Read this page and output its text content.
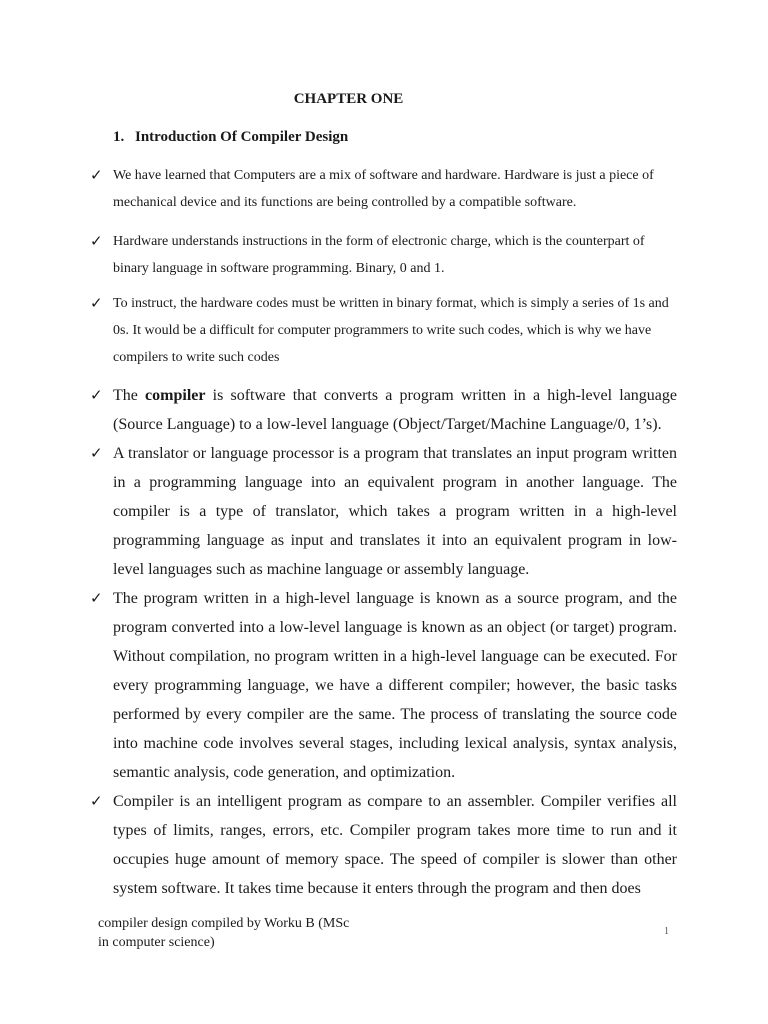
CHAPTER ONE
1. Introduction Of Compiler Design
✓ We have learned that Computers are a mix of software and hardware. Hardware is just a piece of mechanical device and its functions are being controlled by a compatible software.
✓ Hardware understands instructions in the form of electronic charge, which is the counterpart of binary language in software programming. Binary, 0 and 1.
✓ To instruct, the hardware codes must be written in binary format, which is simply a series of 1s and 0s. It would be a difficult for computer programmers to write such codes, which is why we have compilers to write such codes
✓ The compiler is software that converts a program written in a high-level language (Source Language) to a low-level language (Object/Target/Machine Language/0, 1’s).
✓ A translator or language processor is a program that translates an input program written in a programming language into an equivalent program in another language. The compiler is a type of translator, which takes a program written in a high-level programming language as input and translates it into an equivalent program in low-level languages such as machine language or assembly language.
✓ The program written in a high-level language is known as a source program, and the program converted into a low-level language is known as an object (or target) program. Without compilation, no program written in a high-level language can be executed. For every programming language, we have a different compiler; however, the basic tasks performed by every compiler are the same. The process of translating the source code into machine code involves several stages, including lexical analysis, syntax analysis, semantic analysis, code generation, and optimization.
✓ Compiler is an intelligent program as compare to an assembler. Compiler verifies all types of limits, ranges, errors, etc. Compiler program takes more time to run and it occupies huge amount of memory space. The speed of compiler is slower than other system software. It takes time because it enters through the program and then does
compiler design compiled by Worku B (MSc
in computer science)
1
